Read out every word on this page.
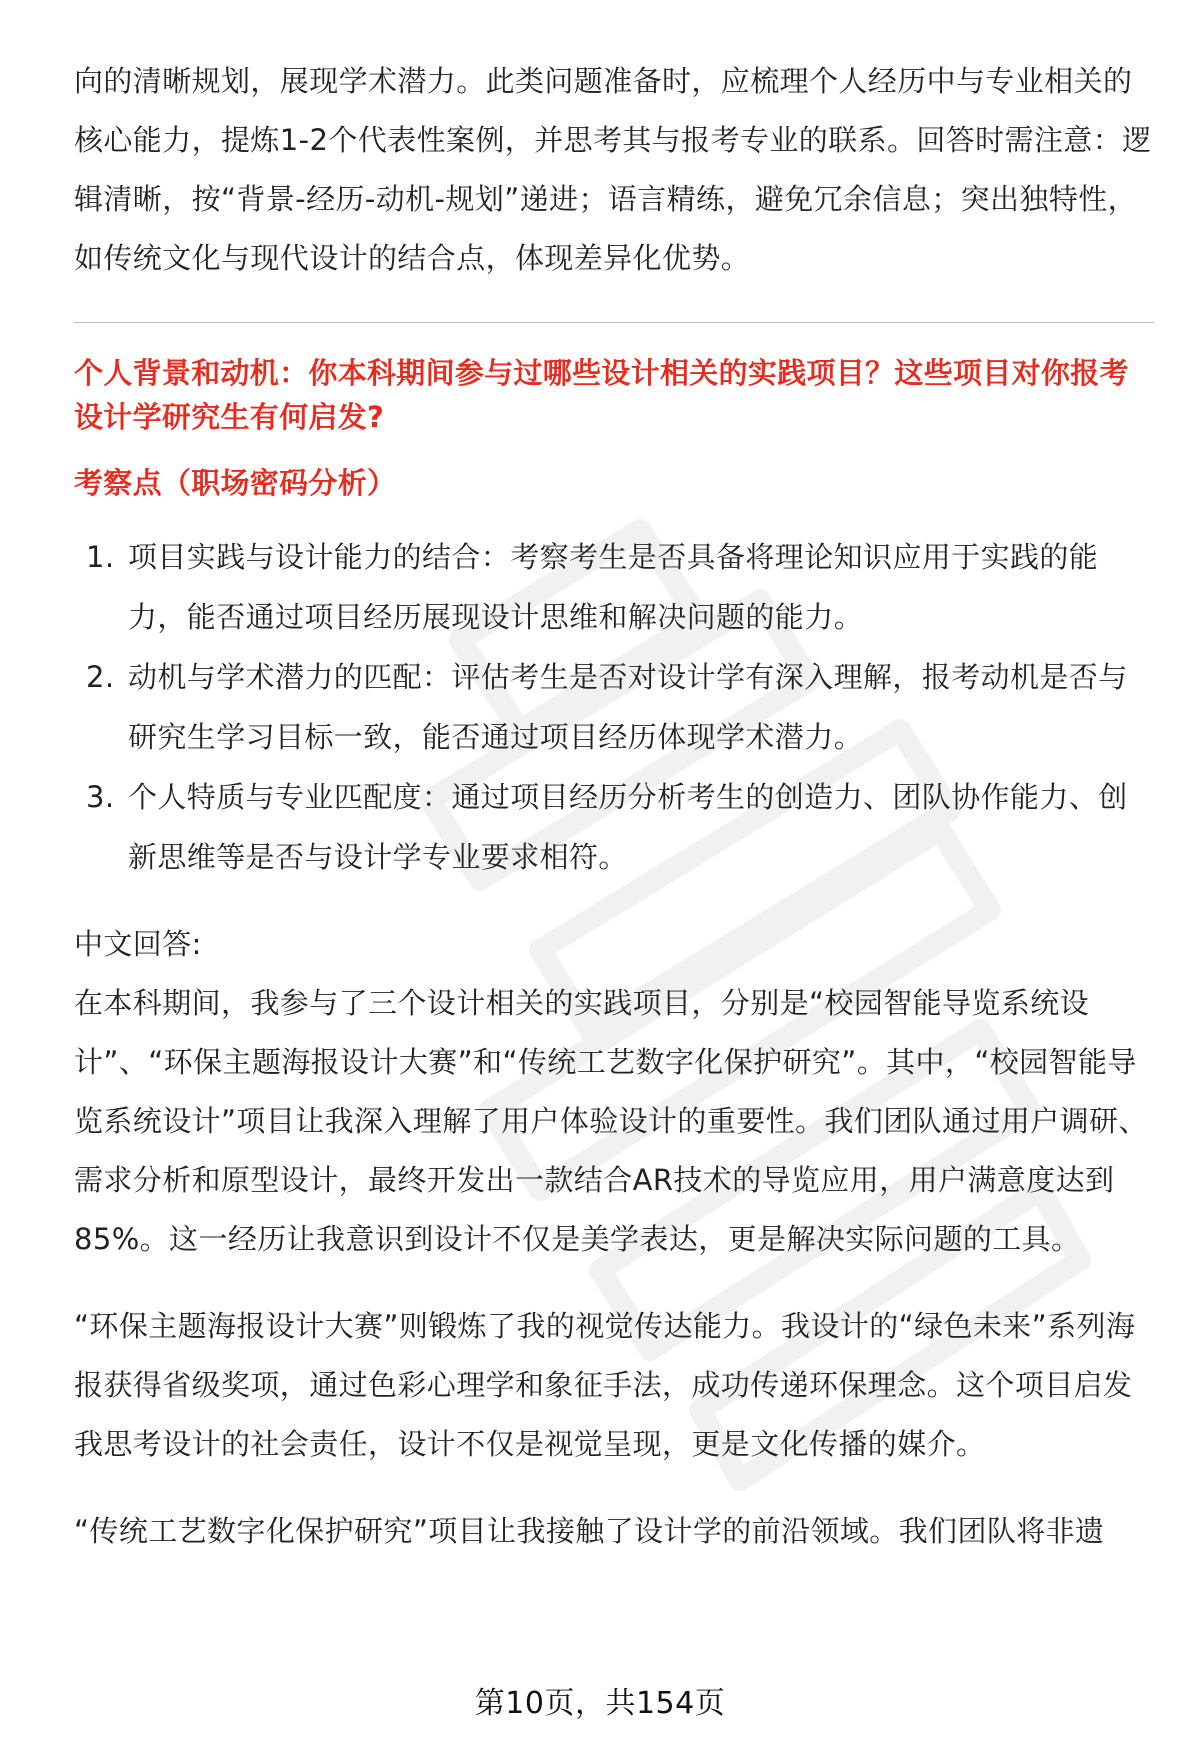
向的清晰规划，展现学术潜力。此类问题准备时，应梳理个人经历中与专业相关的核心能力，提炼1-2个代表性案例，并思考其与报考专业的联系。回答时需注意：逻辑清晰，按“背景-经历-动机-规划”递进；语言精练，避免冗余信息；突出独特性，如传统文化与现代设计的结合点，体现差异化优势。

个人背景和动机：你本科期间参与过哪些设计相关的实践项目？这些项目对你报考设计学研究生有何启发?

考察点（职场密码分析）

1. 项目实践与设计能力的结合：考察考生是否具备将理论知识应用于实践的能力，能否通过项目经历展现设计思维和解决问题的能力。
2. 动机与学术潜力的匹配：评估考生是否对设计学有深入理解，报考动机是否与研究生学习目标一致，能否通过项目经历体现学术潜力。
3. 个人特质与专业匹配度：通过项目经历分析考生的创造力、团队协作能力、创新思维等是否与设计学专业要求相符。

中文回答:

在本科期间，我参与了三个设计相关的实践项目，分别是“校园智能导览系统设计”、“环保主题海报设计大赛”和“传统工艺数字化保护研究”。其中，“校园智能导览系统设计”项目让我深入理解了用户体验设计的重要性。我们团队通过用户调研、需求分析和原型设计，最终开发出一款结合AR技术的导览应用，用户满意度达到85%。这一经历让我意识到设计不仅是美学表达，更是解决实际问题的工具。

“环保主题海报设计大赛”则锻炼了我的视觉传达能力。我设计的“绿色未来”系列海报获得省级奖项，通过色彩心理学和象征手法，成功传递环保理念。这个项目启发我思考设计的社会责任，设计不仅是视觉呈现，更是文化传播的媒介。

“传统工艺数字化保护研究”项目让我接触了设计学的前沿领域。我们团队将非遗

第10页，共154页
